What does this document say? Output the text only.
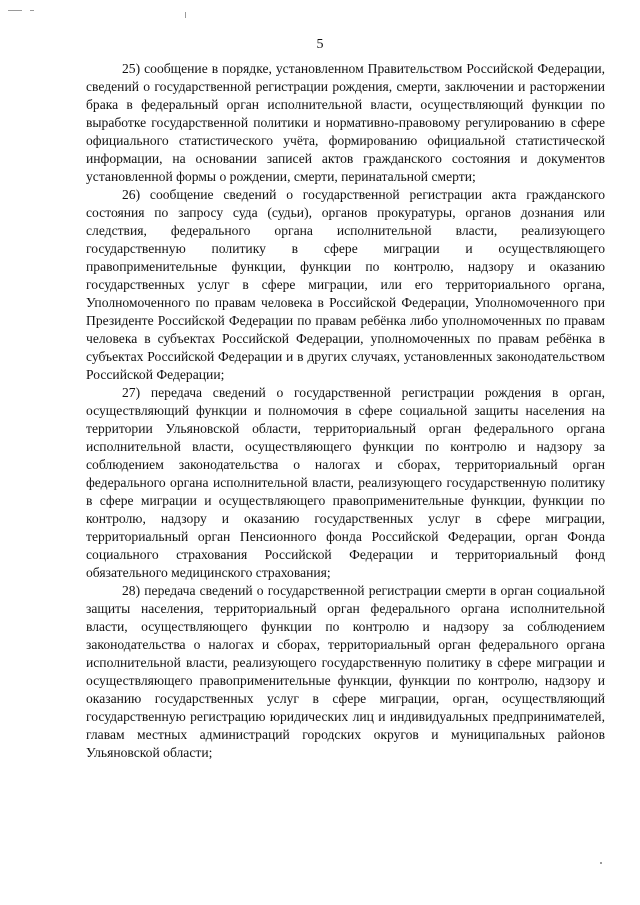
5

25) сообщение в порядке, установленном Правительством Российской Федерации, сведений о государственной регистрации рождения, смерти, заключении и расторжении брака в федеральный орган исполнительной власти, осуществляющий функции по выработке государственной политики и нормативно-правовому регулированию в сфере официального статистического учёта, формированию официальной статистической информации, на основании записей актов гражданского состояния и документов установленной формы о рождении, смерти, перинатальной смерти;

26) сообщение сведений о государственной регистрации акта гражданского состояния по запросу суда (судьи), органов прокуратуры, органов дознания или следствия, федерального органа исполнительной власти, реализующего государственную политику в сфере миграции и осуществляющего правоприменительные функции, функции по контролю, надзору и оказанию государственных услуг в сфере миграции, или его территориального органа, Уполномоченного по правам человека в Российской Федерации, Уполномоченного при Президенте Российской Федерации по правам ребёнка либо уполномоченных по правам человека в субъектах Российской Федерации, уполномоченных по правам ребёнка в субъектах Российской Федерации и в других случаях, установленных законодательством Российской Федерации;

27) передача сведений о государственной регистрации рождения в орган, осуществляющий функции и полномочия в сфере социальной защиты населения на территории Ульяновской области, территориальный орган федерального органа исполнительной власти, осуществляющего функции по контролю и надзору за соблюдением законодательства о налогах и сборах, территориальный орган федерального органа исполнительной власти, реализующего государственную политику в сфере миграции и осуществляющего правоприменительные функции, функции по контролю, надзору и оказанию государственных услуг в сфере миграции, территориальный орган Пенсионного фонда Российской Федерации, орган Фонда социального страхования Российской Федерации и территориальный фонд обязательного медицинского страхования;

28) передача сведений о государственной регистрации смерти в орган социальной защиты населения, территориальный орган федерального органа исполнительной власти, осуществляющего функции по контролю и надзору за соблюдением законодательства о налогах и сборах, территориальный орган федерального органа исполнительной власти, реализующего государственную политику в сфере миграции и осуществляющего правоприменительные функции, функции по контролю, надзору и оказанию государственных услуг в сфере миграции, орган, осуществляющий государственную регистрацию юридических лиц и индивидуальных предпринимателей, главам местных администраций городских округов и муниципальных районов Ульяновской области;
